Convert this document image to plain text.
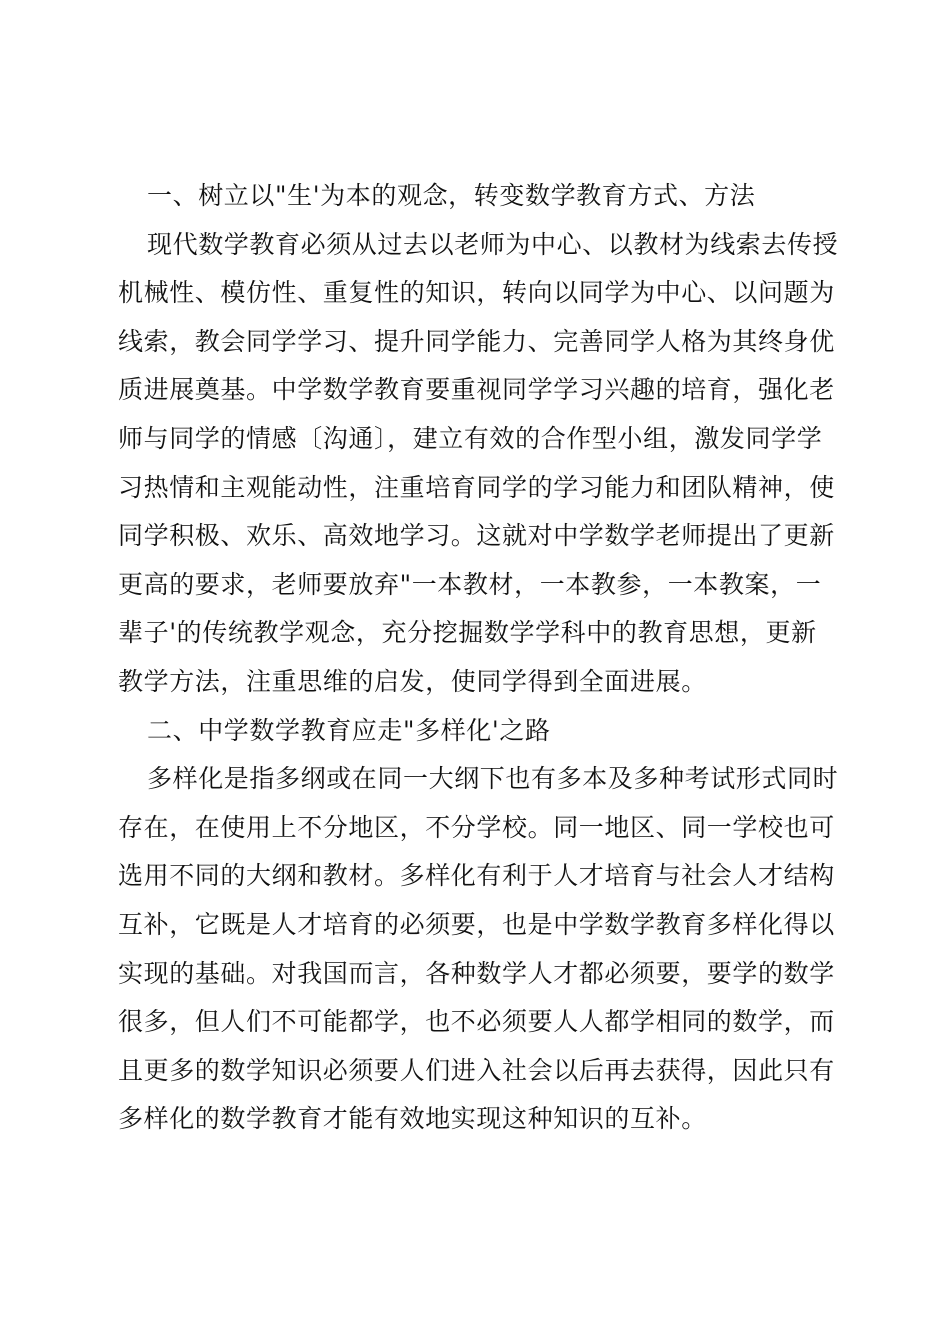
一、树立以"生'为本的观念，转变数学教育方式、方法
现代数学教育必须从过去以老师为中心、以教材为线索去传授
机械性、模仿性、重复性的知识，转向以同学为中心、以问题为
线索，教会同学学习、提升同学能力、完善同学人格为其终身优
质进展奠基。中学数学教育要重视同学学习兴趣的培育，强化老
师与同学的情感〔沟通〕，建立有效的合作型小组，激发同学学
习热情和主观能动性，注重培育同学的学习能力和团队精神，使
同学积极、欢乐、高效地学习。这就对中学数学老师提出了更新
更高的要求，老师要放弃"一本教材，一本教参，一本教案，一
辈子'的传统教学观念，充分挖掘数学学科中的教育思想，更新
教学方法，注重思维的启发，使同学得到全面进展。
二、中学数学教育应走"多样化'之路
多样化是指多纲或在同一大纲下也有多本及多种考试形式同时
存在，在使用上不分地区，不分学校。同一地区、同一学校也可
选用不同的大纲和教材。多样化有利于人才培育与社会人才结构
互补，它既是人才培育的必须要，也是中学数学教育多样化得以
实现的基础。对我国而言，各种数学人才都必须要，要学的数学
很多，但人们不可能都学，也不必须要人人都学相同的数学，而
且更多的数学知识必须要人们进入社会以后再去获得，因此只有
多样化的数学教育才能有效地实现这种知识的互补。
